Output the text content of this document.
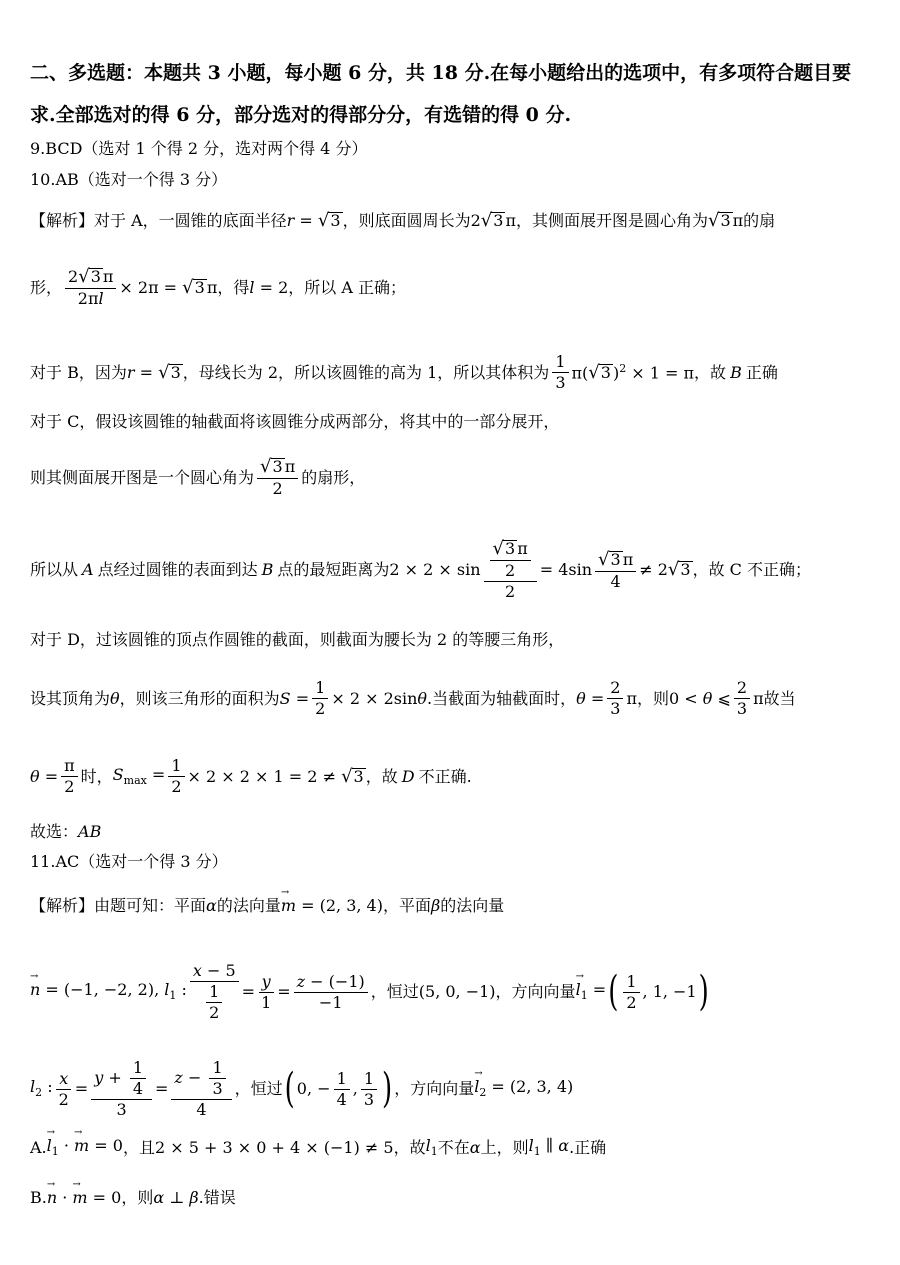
二、多选题：本题共 3 小题，每小题 6 分，共 18 分.在每小题给出的选项中，有多项符合题目要
求.全部选对的得 6 分，部分选对的得部分分，有选错的得 0 分.
9.BCD（选对 1 个得 2 分，选对两个得 4 分）
10.AB（选对一个得 3 分）
【解析】 对于 A，一圆锥的底面半径 r = √ 3 ，则底面圆周长为 2 √ 3 π ，其侧面展开图是圆心角为 √ 3 π 的扇
形， $\frac{2 √ 3 \pi}{2\pi l} \times 2\pi$ = √ 3 π ，得 l = 2 ，所以 A 正确；
对于 B，因为 r = √ 3 ，母线长为 2，所以该圆锥的高为 1，所以其体积为 $\frac{1}{3} \pi$( √ 3 )$^2$ × 1 = π ，故 B 正确
对于 C，假设该圆锥的轴截面将该圆锥分成两部分，将其中的一部分展开，
则其侧面展开图是一个圆心角为 $\frac{√ 3 \pi}{2}$ 的扇形，
所以从 A 点经过圆锥的表面到达 B 点的最短距离为 $2 \times 2 \times \sin \frac{\frac{√ 3 \pi}{2}}{2} = 4\sin \frac{√ 3 \pi}{4} \ne 2$ √ 3 ，故 C 不正确；
对于 D，过该圆锥的顶点作圆锥的截面，则截面为腰长为 2 的等腰三角形，
设其顶角为 θ ，则该三角形的面积为 $S = \frac{1}{2} \times 2 \times 2\sin\theta$ .当截面为轴截面时， $\theta = \frac{2}{3}$ π ，则 0 < θ ⩽ $\frac{2}{3}$ π 故当
$\theta = \frac{\pi}{2}$ 时， $S_{max} = \frac{1}{2} \times 2 \times 2 \times 1 = 2$ ≠ √ 3 ，故 D 不正确.
故选： AB
11.AC（选对一个得 3 分）
【解析】 由题可知：平面 α 的法向量 m → = (2, 3, 4) ，平面 β 的法向量
n → = (−1, −2, 2), $l_1$ : $\frac{x - 5}{\frac{1}{2}} = \frac{y}{1} = \frac{z - (-1)}{-1}$ ，恒过 (5, 0, −1) ，方向向量 $l \to_1$ = ( $\frac{1}{2}$ , 1, −1 )
$l_2$ : $\frac{x}{2} = \frac{y + \frac{1}{4}}{3} = \frac{z - \frac{1}{3}}{4}$ ，恒过 ( 0, − $\frac{1}{4}$ , $\frac{1}{3}$ ) ，方向向量 $l \to_2 = (2$, 3, 4)
A. $l \to_1 \cdot m$ → = 0 ，且 2 × 5 + 3 × 0 + 4 × (−1) ≠ 5 ，故 $l_1$ 不在 α 上，则 $l_1$ ∥ α .正确
B. n → · m → = 0 ，则 α ⊥ β .错误
